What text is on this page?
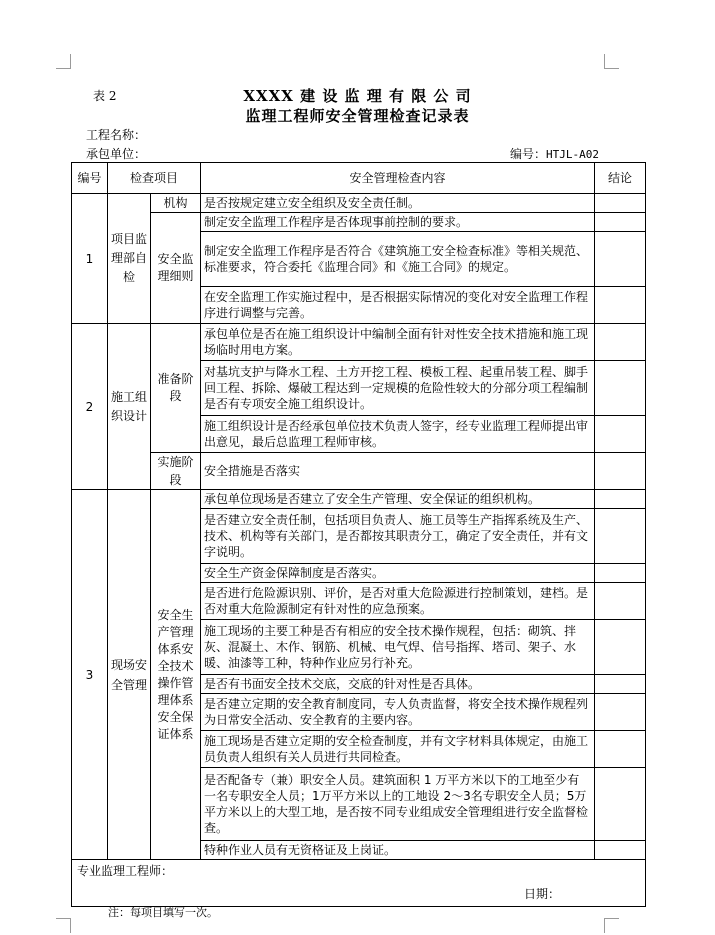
表 2	XXXX 建 设 监 理 有 限 公 司
监理工程师安全管理检查记录表
工程名称：
承包单位：	编号：HTJL-A02
编号	检查项目		安全管理检查内容	结论
1	项目监理部自检	机构	是否按规定建立安全组织及安全责任制。	
		安全监理细则	制定安全监理工作程序是否体现事前控制的要求。	
			制定安全监理工作程序是否符合《建筑施工安全检查标准》等相关规范、标准要求，符合委托《监理合同》和《施工合同》的规定。	
			在安全监理工作实施过程中，是否根据实际情况的变化对安全监理工作程序进行调整与完善。	
2	施工组织设计	准备阶段	承包单位是否在施工组织设计中编制全面有针对性安全技术措施和施工现场临时用电方案。	
			对基坑支护与降水工程、土方开挖工程、模板工程、起重吊装工程、脚手回工程、拆除、爆破工程达到一定规模的危险性较大的分部分项工程编制是否有专项安全施工组织设计。	
			施工组织设计是否经承包单位技术负责人签字，经专业监理工程师提出审出意见，最后总监理工程师审核。	
		实施阶段	安全措施是否落实	
3	现场安全管理	安全生产管理体系安全技术操作管理体系安全保证体系	承包单位现场是否建立了安全生产管理、安全保证的组织机构。	
			是否建立安全责任制，包括项目负责人、施工员等生产指挥系统及生产、技术、机构等有关部门，是否都按其职责分工，确定了安全责任，并有文字说明。	
			安全生产资金保障制度是否落实。	
			是否进行危险源识别、评价，是否对重大危险源进行控制策划，建档。是否对重大危险源制定有针对性的应急预案。	
			施工现场的主要工种是否有相应的安全技术操作规程，包括：砌筑、拌灰、混凝土、木作、钢筋、机械、电气焊、信号指挥、塔司、架子、水暖、油漆等工种，特种作业应另行补充。	
			是否有书面安全技术交底，交底的针对性是否具体。	
			是否建立定期的安全教育制度同，专人负责监督，将安全技术操作规程列为日常安全活动、安全教育的主要内容。	
			施工现场是否建立定期的安全检查制度，并有文字材料具体规定，由施工员负责人组织有关人员进行共同检查。	
			是否配备专（兼）职安全人员。建筑面积 1 万平方米以下的工地至少有一名专职安全人员；1万平方米以上的工地设 2～3名专职安全人员；5万平方米以上的大型工地，是否按不同专业组成安全管理组进行安全监督检查。	
			特种作业人员有无资格证及上岗证。	

专业监理工程师：
日期：				
注：每项目填写一次。
